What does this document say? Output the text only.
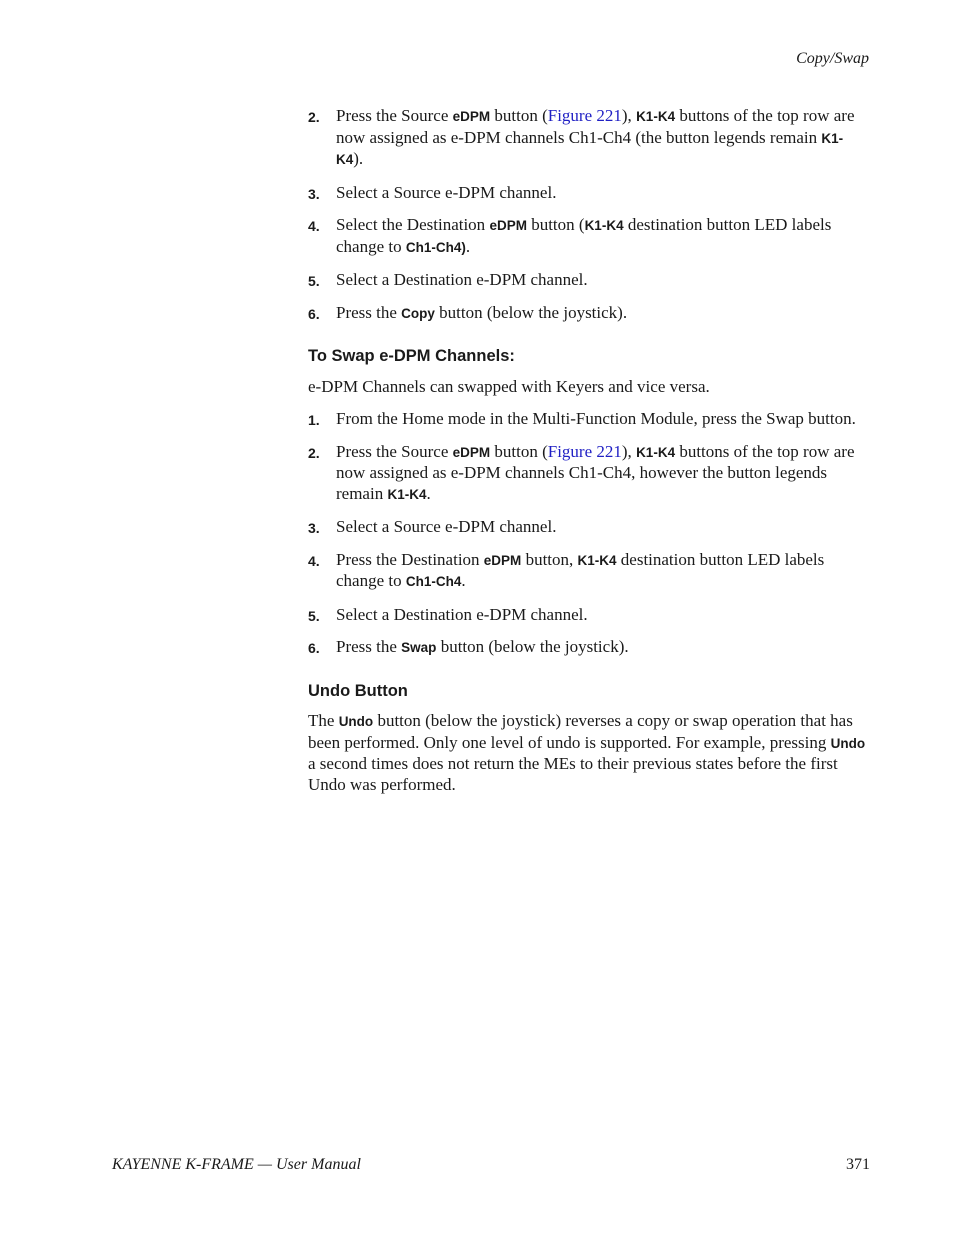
Copy/Swap
2. Press the Source eDPM button (Figure 221), K1-K4 buttons of the top row are now assigned as e-DPM channels Ch1-Ch4 (the button legends remain K1-K4).
3. Select a Source e-DPM channel.
4. Select the Destination eDPM button (K1-K4 destination button LED labels change to Ch1-Ch4).
5. Select a Destination e-DPM channel.
6. Press the Copy button (below the joystick).
To Swap e-DPM Channels:

e-DPM Channels can swapped with Keyers and vice versa.

1. From the Home mode in the Multi-Function Module, press the Swap button.
2. Press the Source eDPM button (Figure 221), K1-K4 buttons of the top row are now assigned as e-DPM channels Ch1-Ch4, however the button legends remain K1-K4.
3. Select a Source e-DPM channel.
4. Press the Destination eDPM button, K1-K4 destination button LED labels change to Ch1-Ch4.
5. Select a Destination e-DPM channel.
6. Press the Swap button (below the joystick).
Undo Button

The Undo button (below the joystick) reverses a copy or swap operation that has been performed. Only one level of undo is supported. For example, pressing Undo a second times does not return the MEs to their previous states before the first Undo was performed.

KAYENNE K-FRAME — User Manual	371
